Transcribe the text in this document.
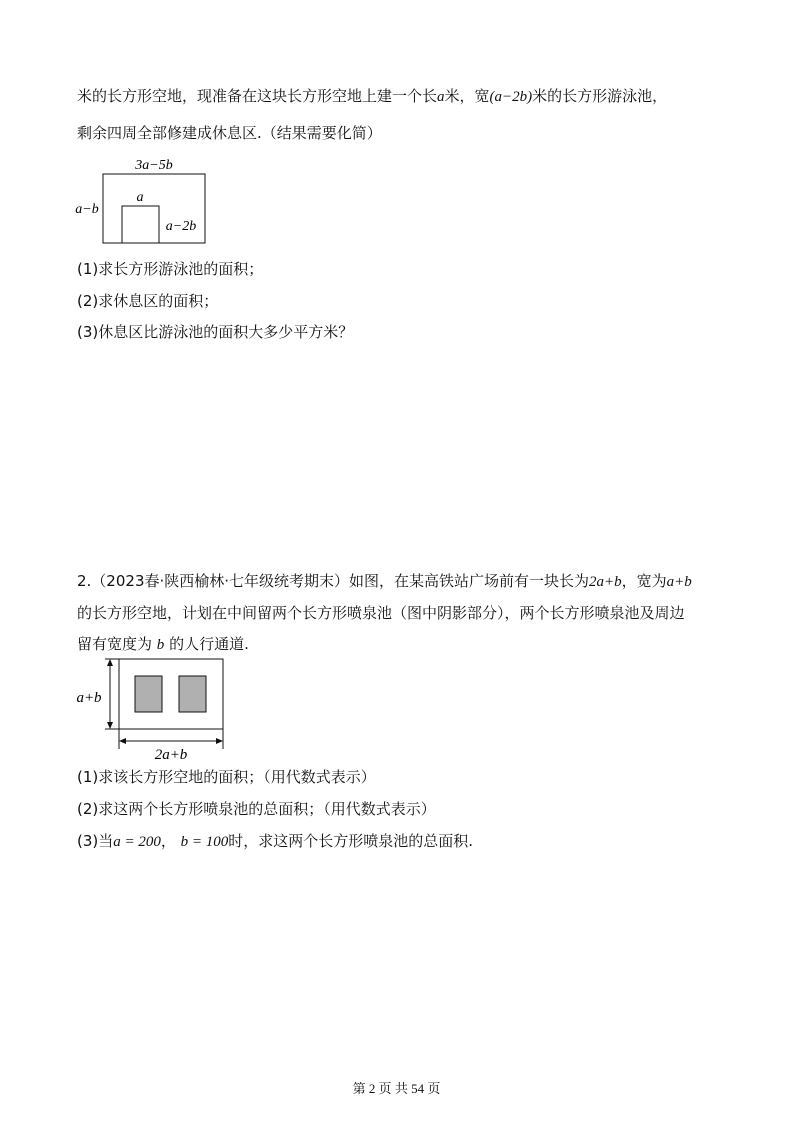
米的长方形空地，现准备在这块长方形空地上建一个长a米，宽(a−2b)米的长方形游泳池，
剩余四周全部修建成休息区.（结果需要化简）
3a−5b
a−b
a
a−2b
(1)求长方形游泳池的面积；
(2)求休息区的面积；
(3)休息区比游泳池的面积大多少平方米？
2.（2023春·陕西榆林·七年级统考期末）如图，在某高铁站广场前有一块长为2a+b，宽为a+b
的长方形空地，计划在中间留两个长方形喷泉池（图中阴影部分），两个长方形喷泉池及周边
留有宽度为 b 的人行通道.
a+b
2a+b
(1)求该长方形空地的面积；（用代数式表示）
(2)求这两个长方形喷泉池的总面积；（用代数式表示）
(3)当a = 200， b = 100时，求这两个长方形喷泉池的总面积.
第 2 页 共 54 页
